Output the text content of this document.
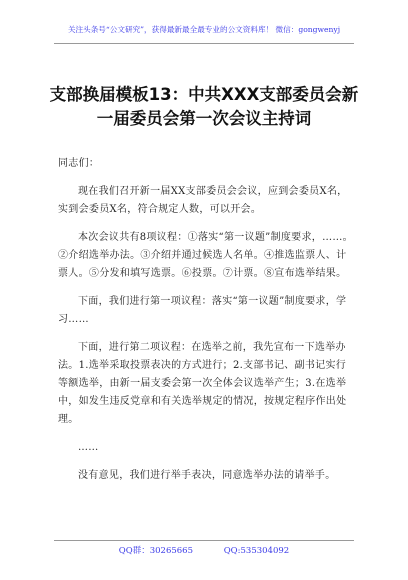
关注头条号“公文研究”，获得最新最全最专业的公文资料库！ 微信：gongwenyj
支部换届模板13：中共XXX支部委员会新
一届委员会第一次会议主持词

同志们：

现在我们召开新一届XX支部委员会会议，应到会委员X名，实到会委员X名，符合规定人数，可以开会。

本次会议共有8项议程：①落实“第一议题”制度要求，……。②介绍选举办法。③介绍并通过候选人名单。④推选监票人、计票人。⑤分发和填写选票。⑥投票。⑦计票。⑧宣布选举结果。

下面，我们进行第一项议程：落实“第一议题”制度要求，学习……

下面，进行第二项议程：在选举之前，我先宣布一下选举办法。1.选举采取投票表决的方式进行；2.支部书记、副书记实行等额选举，由新一届支委会第一次全体会议选举产生；3.在选举中，如发生违反党章和有关选举规定的情况，按规定程序作出处理。

……

没有意见，我们进行举手表决，同意选举办法的请举手。

QQ群：30265665	QQ:535304092
